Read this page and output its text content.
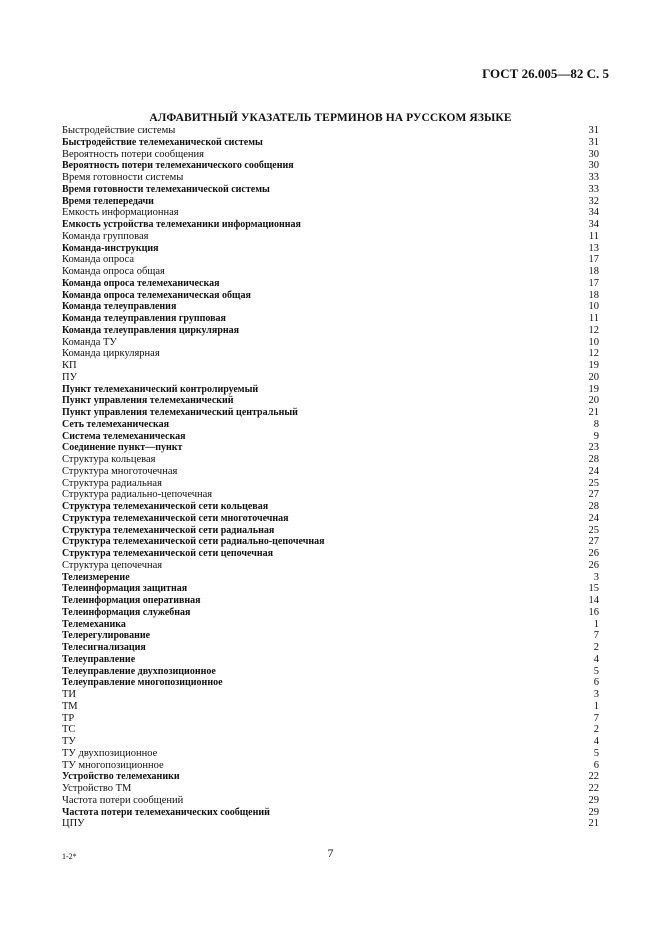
ГОСТ 26.005—82 С. 5
АЛФАВИТНЫЙ УКАЗАТЕЛЬ ТЕРМИНОВ НА РУССКОМ ЯЗЫКЕ
Быстродействие системы	31
Быстродействие телемеханической системы	31
Вероятность потери сообщения	30
Вероятность потери телемеханического сообщения	30
Время готовности системы	33
Время готовности телемеханической системы	33
Время телепередачи	32
Емкость информационная	34
Емкость устройства телемеханики информационная	34
Команда групповая	11
Команда-инструкция	13
Команда опроса	17
Команда опроса общая	18
Команда опроса телемеханическая	17
Команда опроса телемеханическая общая	18
Команда телеуправления	10
Команда телеуправления групповая	11
Команда телеуправления циркулярная	12
Команда ТУ	10
Команда циркулярная	12
КП	19
ПУ	20
Пункт телемеханический контролируемый	19
Пункт управления телемеханический	20
Пункт управления телемеханический центральный	21
Сеть телемеханическая	8
Система телемеханическая	9
Соединение пункт—пункт	23
Структура кольцевая	28
Структура многоточечная	24
Структура радиальная	25
Структура радиально-цепочечная	27
Структура телемеханической сети кольцевая	28
Структура телемеханической сети многоточечная	24
Структура телемеханической сети радиальная	25
Структура телемеханической сети радиально-цепочечная	27
Структура телемеханической сети цепочечная	26
Структура цепочечная	26
Телеизмерение	3
Телеинформация защитная	15
Телеинформация оперативная	14
Телеинформация служебная	16
Телемеханика	1
Телерегулирование	7
Телесигнализация	2
Телеуправление	4
Телеуправление двухпозиционное	5
Телеуправление многопозиционное	6
ТИ	3
ТМ	1
ТР	7
ТС	2
ТУ	4
ТУ двухпозиционное	5
ТУ многопозиционное	6
Устройство телемеханики	22
Устройство ТМ	22
Частота потери сообщений	29
Частота потери телемеханических сообщений	29
ЦПУ	21
1-2*	7
